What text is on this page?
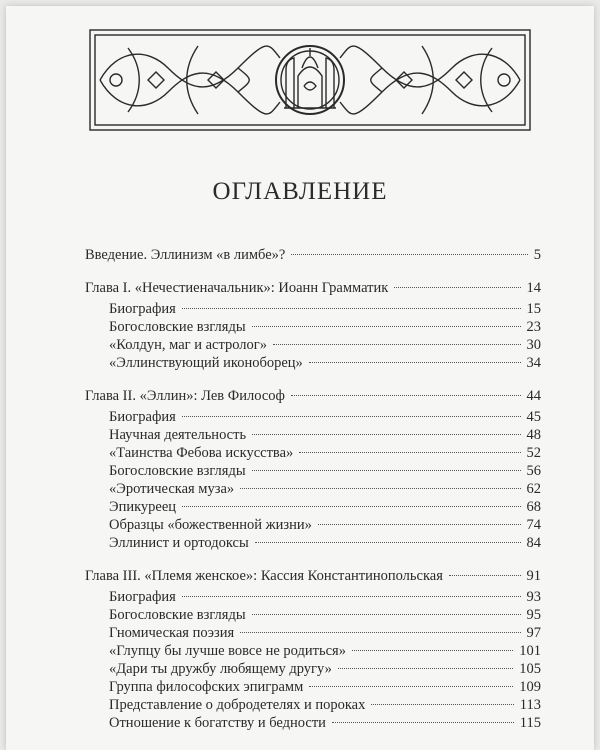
ОГЛАВЛЕНИЕ
Введение. Эллинизм «в лимбе»?	5
Глава I. «Нечестиеначальник»: Иоанн Грамматик	14
Биография	15
Богословские взгляды	23
«Колдун, маг и астролог»	30
«Эллинствующий иконоборец»	34
Глава II. «Эллин»: Лев Философ	44
Биография	45
Научная деятельность	48
«Таинства Фебова искусства»	52
Богословские взгляды	56
«Эротическая муза»	62
Эпикуреец	68
Образцы «божественной жизни»	74
Эллинист и ортодоксы	84
Глава III. «Племя женское»: Кассия Константинопольская	91
Биография	93
Богословские взгляды	95
Гномическая поэзия	97
«Глупцу бы лучше вовсе не родиться»	101
«Дари ты дружбу любящему другу»	105
Группа философских эпиграмм	109
Представление о добродетелях и пороках	113
Отношение к богатству и бедности	115
